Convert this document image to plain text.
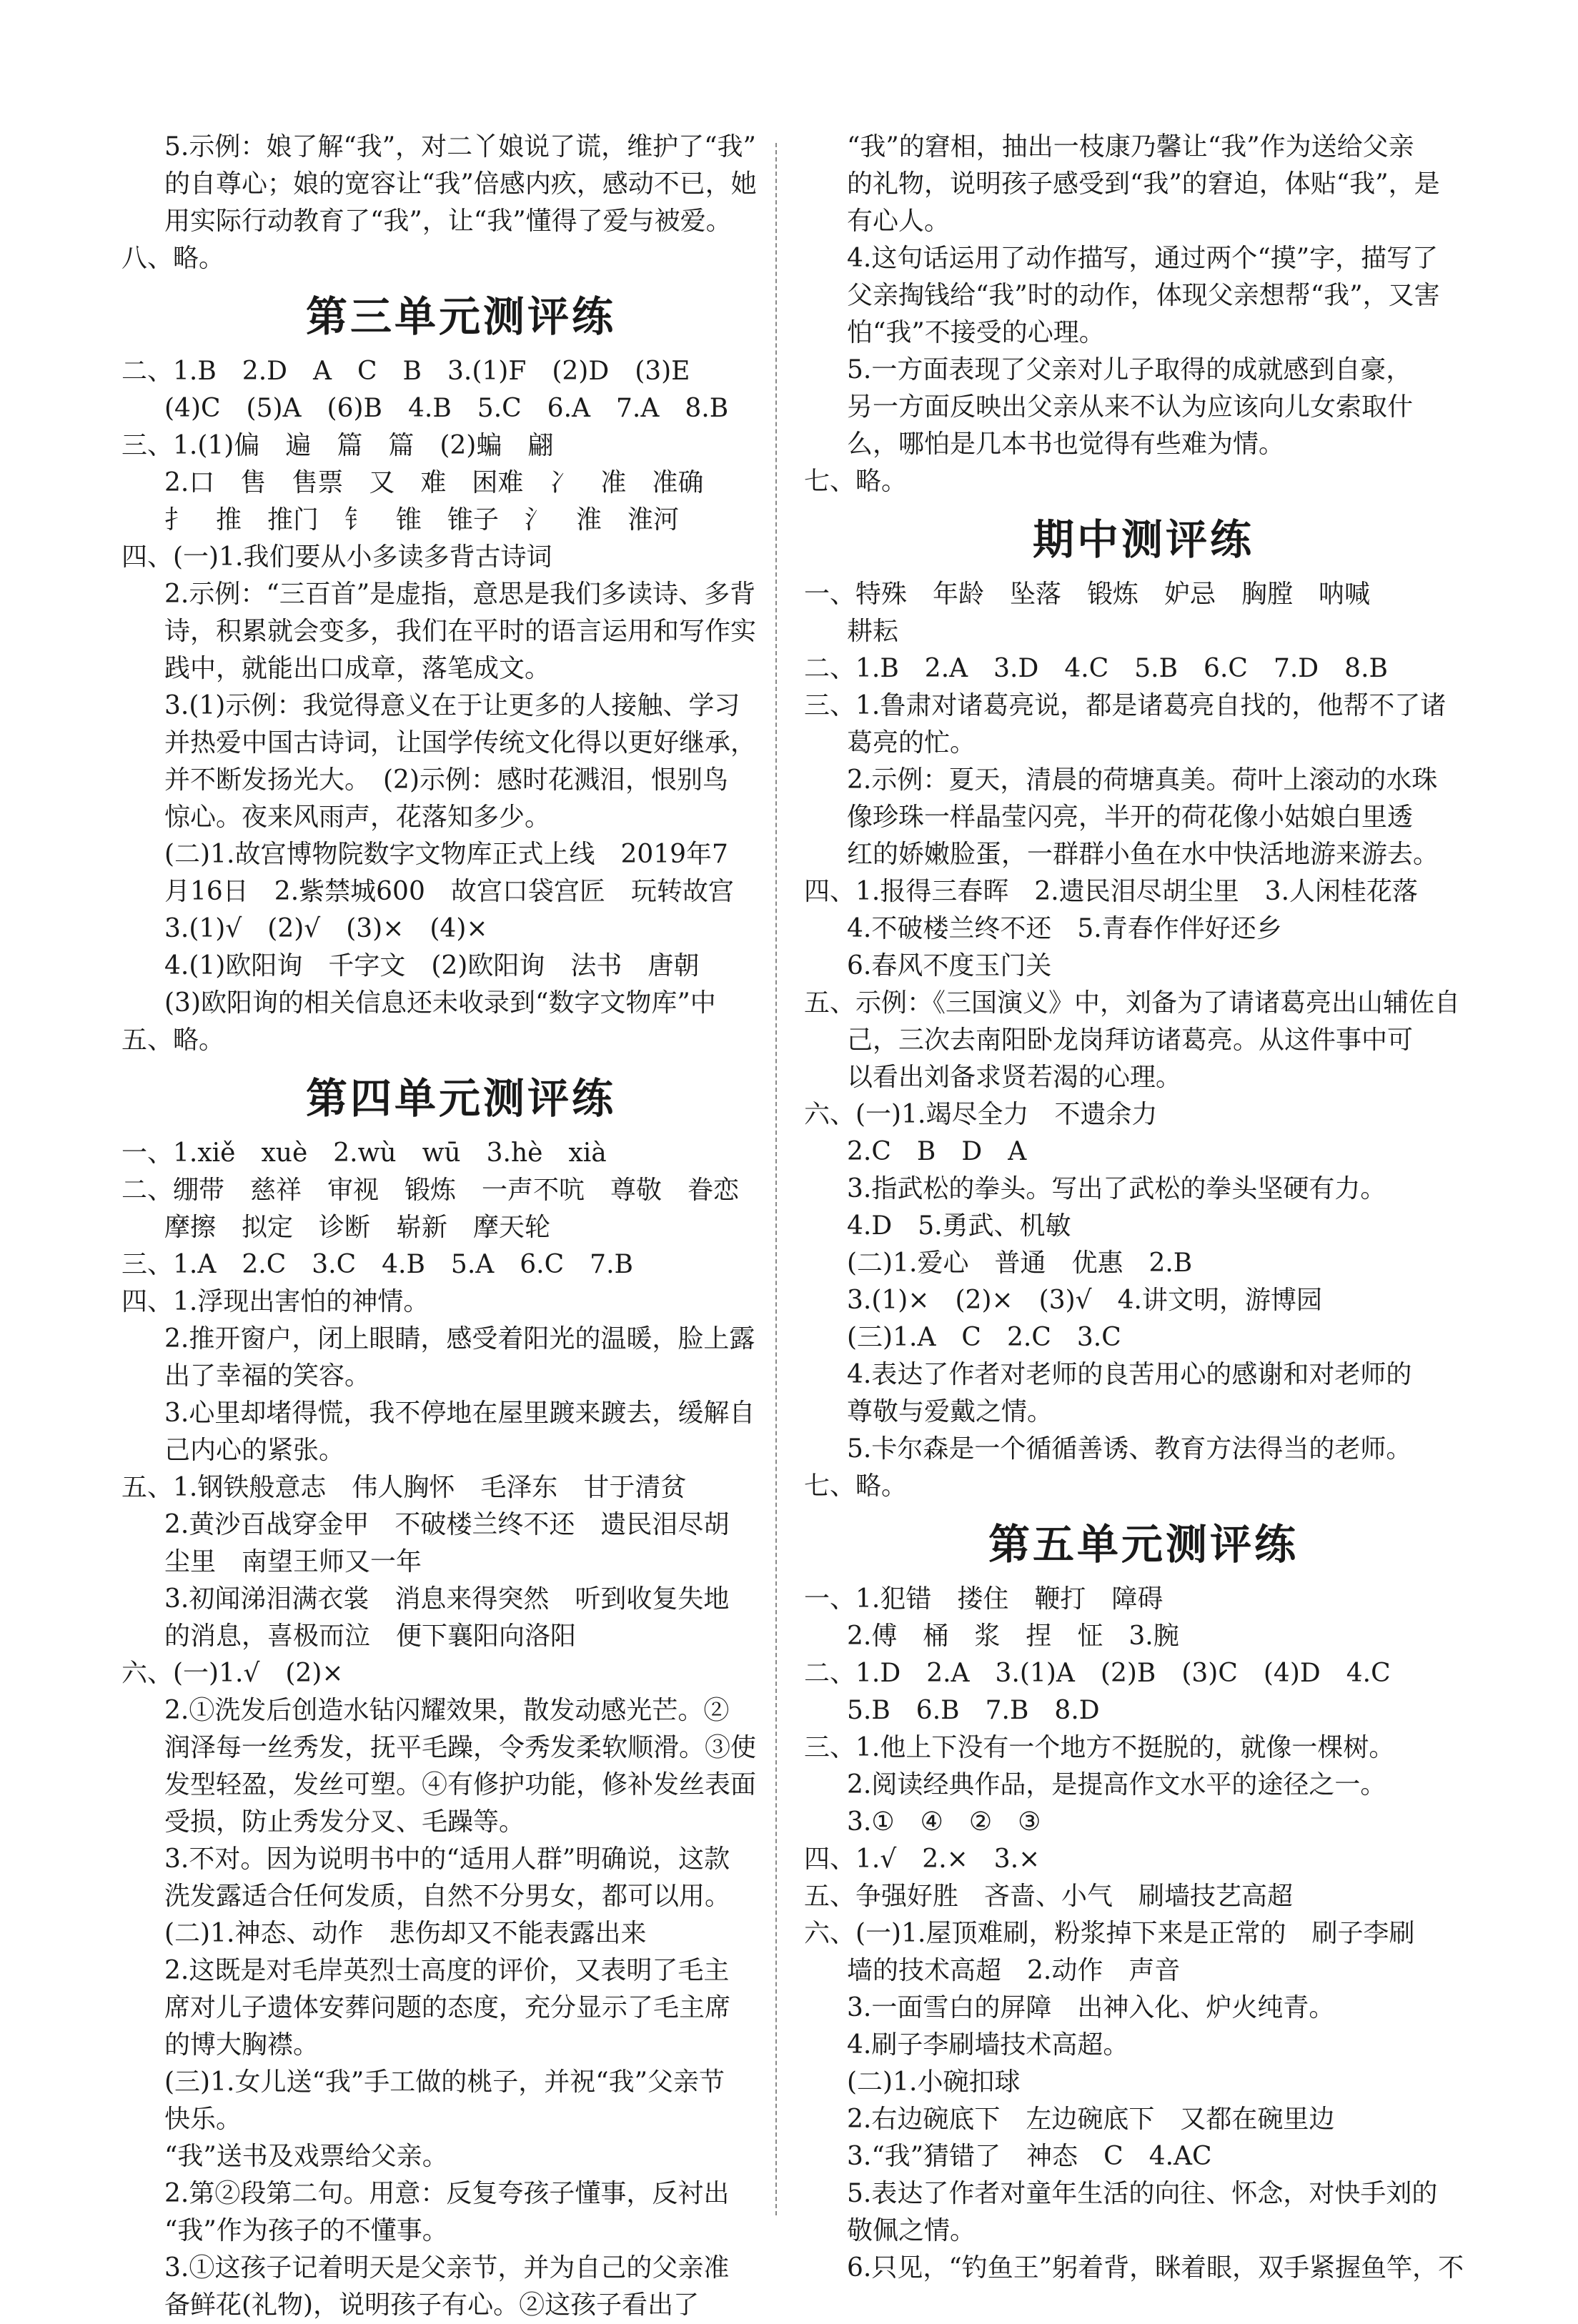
5.示例：娘了解“我”，对二丫娘说了谎，维护了“我”
的自尊心；娘的宽容让“我”倍感内疚，感动不已，她
用实际行动教育了“我”，让“我”懂得了爱与被爱。
八、略。
第三单元测评练
二、1.B　2.D　A　C　B　3.(1)F　(2)D　(3)E
(4)C　(5)A　(6)B　4.B　5.C　6.A　7.A　8.B
三、1.(1)偏　遍　篇　篇　(2)蝙　翩
2.口　售　售票　又　难　困难　冫　准　准确
扌　推　推门　钅　锥　锥子　氵　淮　淮河
四、(一)1.我们要从小多读多背古诗词
2.示例：“三百首”是虚指，意思是我们多读诗、多背
诗，积累就会变多，我们在平时的语言运用和写作实
践中，就能出口成章，落笔成文。
3.(1)示例：我觉得意义在于让更多的人接触、学习
并热爱中国古诗词，让国学传统文化得以更好继承，
并不断发扬光大。　(2)示例：感时花溅泪，恨别鸟
惊心。夜来风雨声，花落知多少。
(二)1.故宫博物院数字文物库正式上线　2019年7
月16日　2.紫禁城600　故宫口袋宫匠　玩转故宫
3.(1)√　(2)√　(3)×　(4)×
4.(1)欧阳询　千字文　(2)欧阳询　法书　唐朝
(3)欧阳询的相关信息还未收录到“数字文物库”中
五、略。
第四单元测评练
一、1.xiě　xuè　2.wù　wū　3.hè　xià
二、绷带　慈祥　审视　锻炼　一声不吭　尊敬　眷恋
摩擦　拟定　诊断　崭新　摩天轮
三、1.A　2.C　3.C　4.B　5.A　6.C　7.B
四、1.浮现出害怕的神情。
2.推开窗户，闭上眼睛，感受着阳光的温暖，脸上露
出了幸福的笑容。
3.心里却堵得慌，我不停地在屋里踱来踱去，缓解自
己内心的紧张。
五、1.钢铁般意志　伟人胸怀　毛泽东　甘于清贫
2.黄沙百战穿金甲　不破楼兰终不还　遗民泪尽胡
尘里　南望王师又一年
3.初闻涕泪满衣裳　消息来得突然　听到收复失地
的消息，喜极而泣　便下襄阳向洛阳
六、(一)1.√　(2)×
2.①洗发后创造水钻闪耀效果，散发动感光芒。②
润泽每一丝秀发，抚平毛躁，令秀发柔软顺滑。③使
发型轻盈，发丝可塑。④有修护功能，修补发丝表面
受损，防止秀发分叉、毛躁等。
3.不对。因为说明书中的“适用人群”明确说，这款
洗发露适合任何发质，自然不分男女，都可以用。
(二)1.神态、动作　悲伤却又不能表露出来
2.这既是对毛岸英烈士高度的评价，又表明了毛主
席对儿子遗体安葬问题的态度，充分显示了毛主席
的博大胸襟。
(三)1.女儿送“我”手工做的桃子，并祝“我”父亲节
快乐。
“我”送书及戏票给父亲。
2.第②段第二句。用意：反复夸孩子懂事，反衬出
“我”作为孩子的不懂事。
3.①这孩子记着明天是父亲节，并为自己的父亲准
备鲜花(礼物)，说明孩子有心。②这孩子看出了
“我”的窘相，抽出一枝康乃馨让“我”作为送给父亲
的礼物，说明孩子感受到“我”的窘迫，体贴“我”，是
有心人。
4.这句话运用了动作描写，通过两个“摸”字，描写了
父亲掏钱给“我”时的动作，体现父亲想帮“我”，又害
怕“我”不接受的心理。
5.一方面表现了父亲对儿子取得的成就感到自豪，
另一方面反映出父亲从来不认为应该向儿女索取什
么，哪怕是几本书也觉得有些难为情。
七、略。
期中测评练
一、特殊　年龄　坠落　锻炼　妒忌　胸膛　呐喊
耕耘
二、1.B　2.A　3.D　4.C　5.B　6.C　7.D　8.B
三、1.鲁肃对诸葛亮说，都是诸葛亮自找的，他帮不了诸
葛亮的忙。
2.示例：夏天，清晨的荷塘真美。荷叶上滚动的水珠
像珍珠一样晶莹闪亮，半开的荷花像小姑娘白里透
红的娇嫩脸蛋，一群群小鱼在水中快活地游来游去。
四、1.报得三春晖　2.遗民泪尽胡尘里　3.人闲桂花落
4.不破楼兰终不还　5.青春作伴好还乡
6.春风不度玉门关
五、示例：《三国演义》中，刘备为了请诸葛亮出山辅佐自
己，三次去南阳卧龙岗拜访诸葛亮。从这件事中可
以看出刘备求贤若渴的心理。
六、(一)1.竭尽全力　不遗余力
2.C　B　D　A
3.指武松的拳头。写出了武松的拳头坚硬有力。
4.D　5.勇武、机敏
(二)1.爱心　普通　优惠　2.B
3.(1)×　(2)×　(3)√　4.讲文明，游博园
(三)1.A　C　2.C　3.C
4.表达了作者对老师的良苦用心的感谢和对老师的
尊敬与爱戴之情。
5.卡尔森是一个循循善诱、教育方法得当的老师。
七、略。
第五单元测评练
一、1.犯错　搂住　鞭打　障碍
2.傅　桶　浆　捏　怔　3.腕
二、1.D　2.A　3.(1)A　(2)B　(3)C　(4)D　4.C
5.B　6.B　7.B　8.D
三、1.他上下没有一个地方不挺脱的，就像一棵树。
2.阅读经典作品，是提高作文水平的途径之一。
3.①　④　②　③
四、1.√　2.×　3.×
五、争强好胜　吝啬、小气　刷墙技艺高超
六、(一)1.屋顶难刷，粉浆掉下来是正常的　刷子李刷
墙的技术高超　2.动作　声音
3.一面雪白的屏障　出神入化、炉火纯青。
4.刷子李刷墙技术高超。
(二)1.小碗扣球
2.右边碗底下　左边碗底下　又都在碗里边
3.“我”猜错了　神态　C　4.AC
5.表达了作者对童年生活的向往、怀念，对快手刘的
敬佩之情。
6.只见，“钓鱼王”躬着背，眯着眼，双手紧握鱼竿，不
